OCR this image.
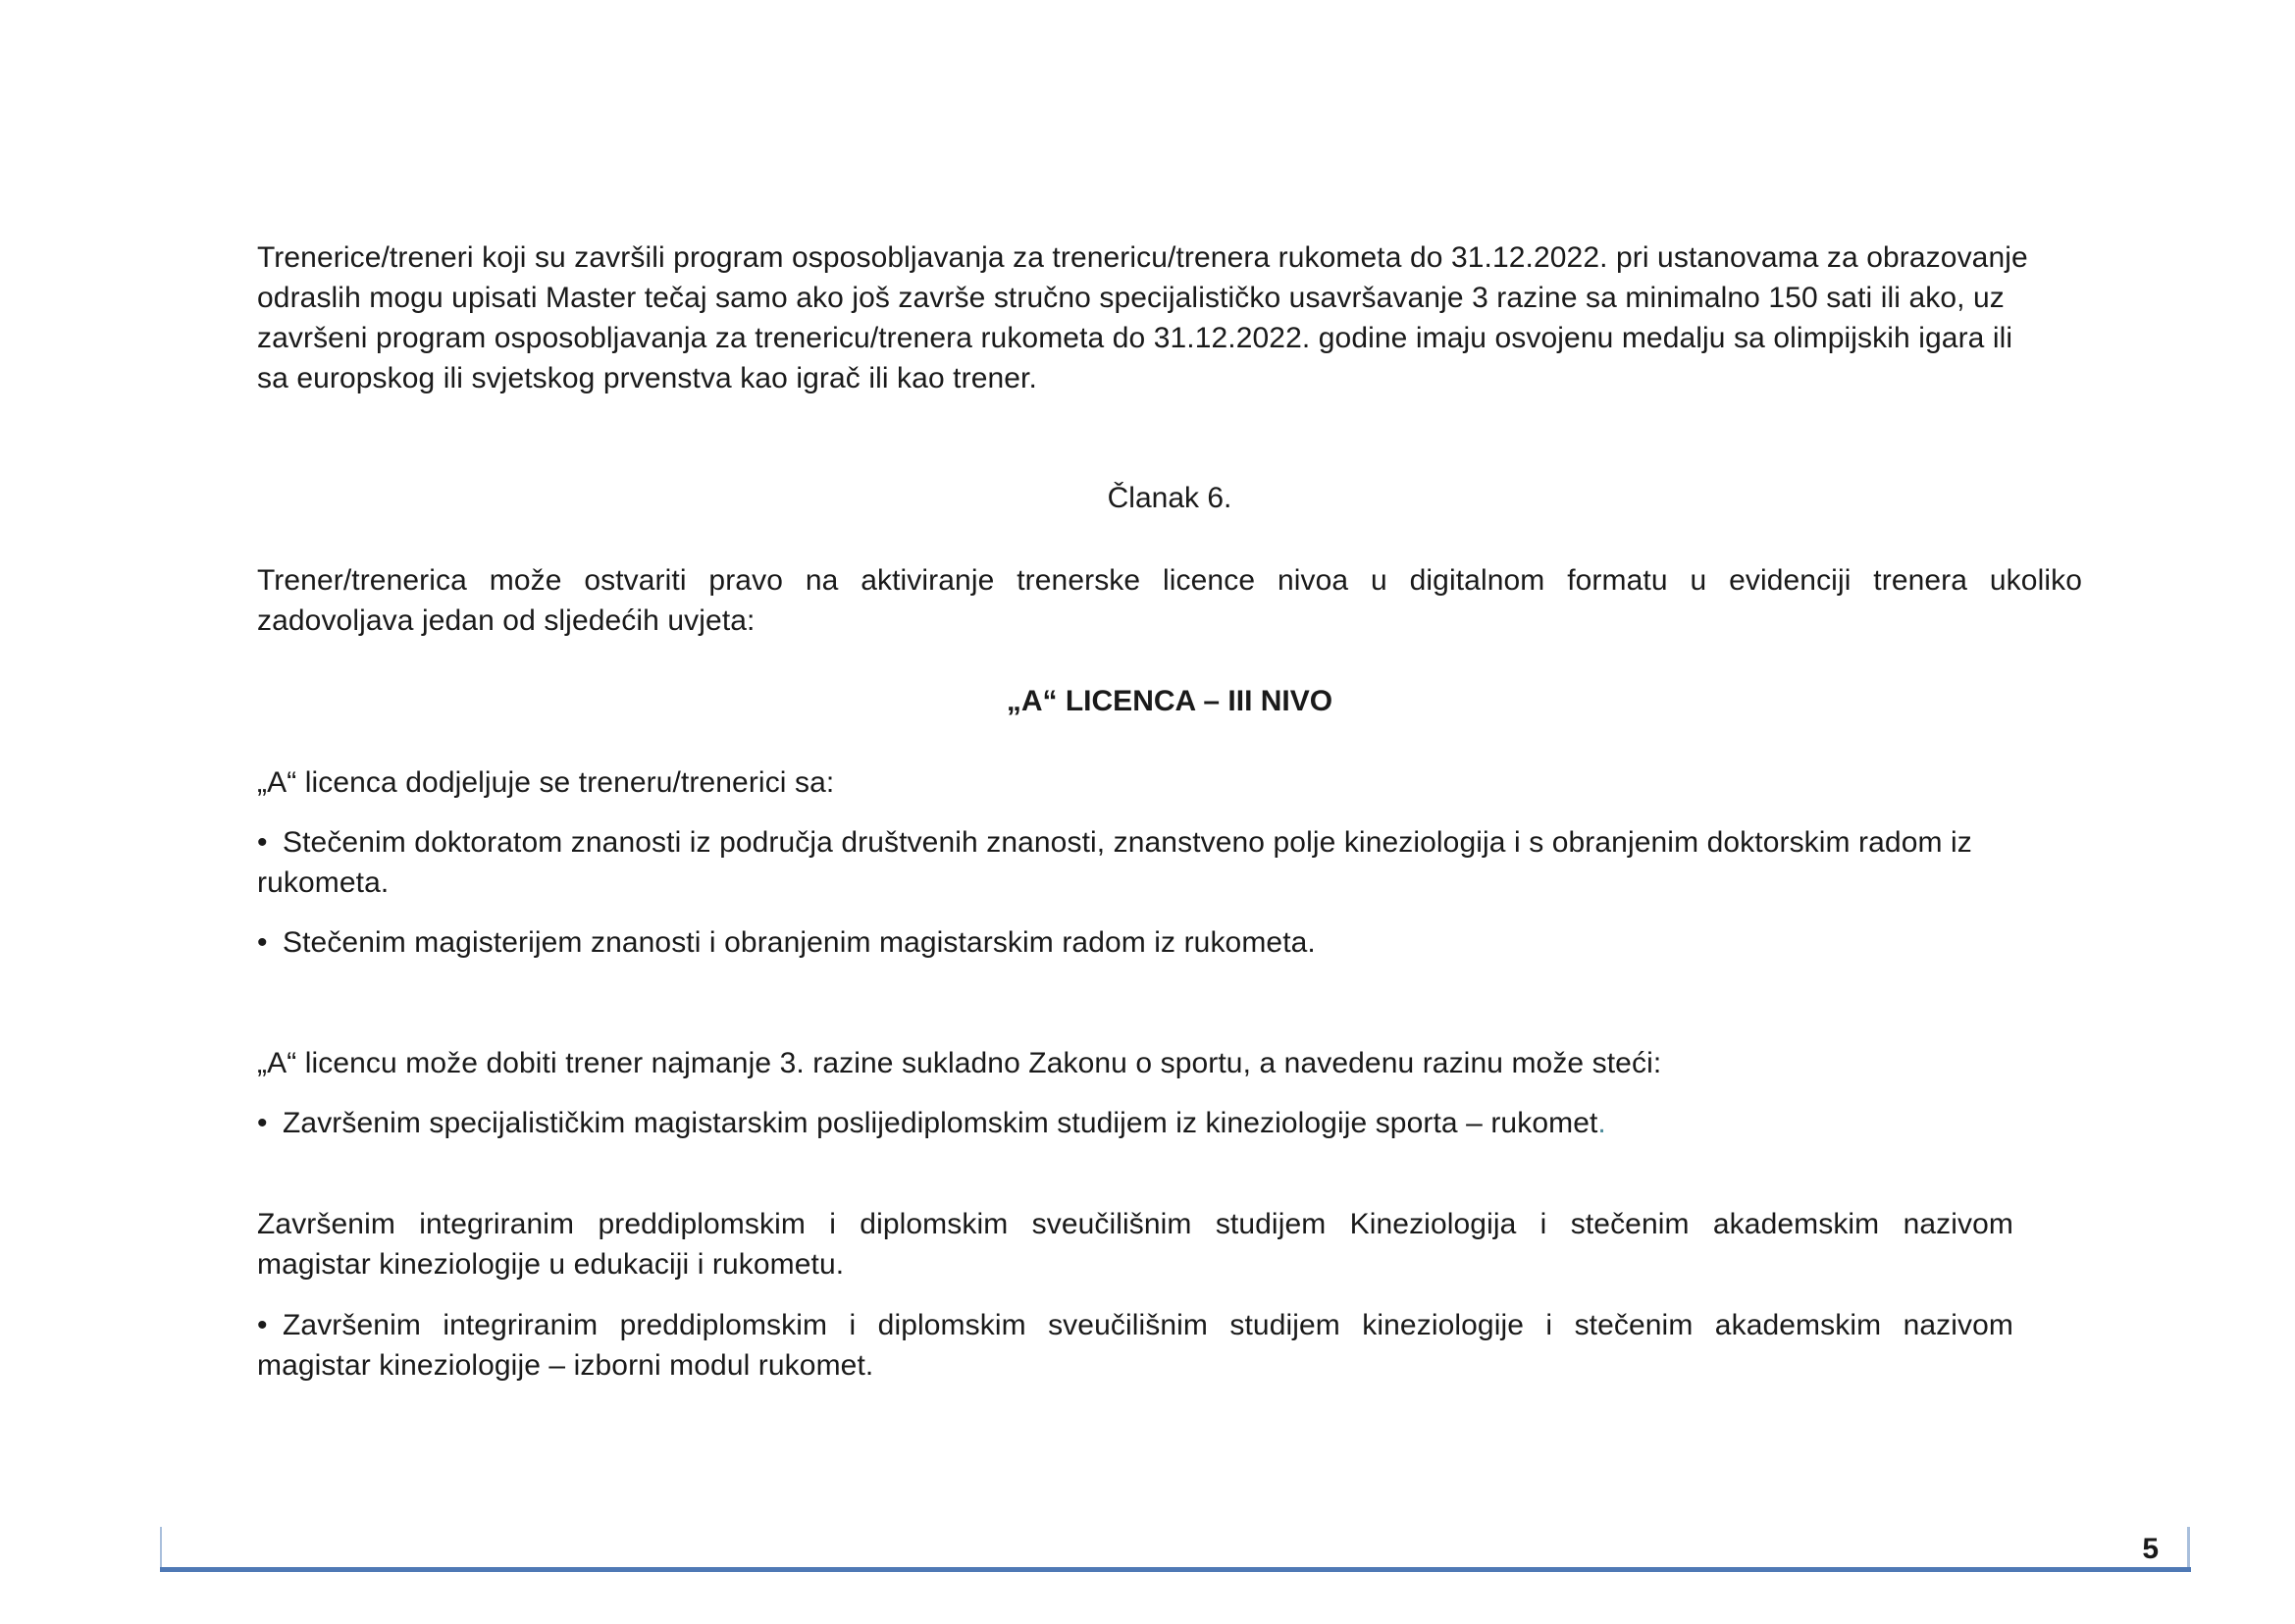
Trenerice/treneri koji su završili program osposobljavanja za trenericu/trenera rukometa do 31.12.2022. pri ustanovama za obrazovanje
odraslih mogu upisati Master tečaj samo ako još završe stručno specijalističko usavršavanje 3 razine sa minimalno 150 sati ili ako, uz
završeni program osposobljavanja za trenericu/trenera rukometa do 31.12.2022. godine imaju osvojenu medalju sa olimpijskih igara ili
sa europskog ili svjetskog prvenstva kao igrač ili kao trener.

Članak 6.

Trener/trenerica može ostvariti pravo na aktiviranje trenerske licence nivoa u digitalnom formatu u evidenciji trenera ukoliko
zadovoljava jedan od sljedećih uvjeta:

„A“ LICENCA – III NIVO

„A“ licenca dodjeljuje se treneru/trenerici sa:

• Stečenim doktoratom znanosti iz područja društvenih znanosti, znanstveno polje kineziologija i s obranjenim doktorskim radom iz
rukometa.
• Stečenim magisterijem znanosti i obranjenim magistarskim radom iz rukometa.

„A“ licencu može dobiti trener najmanje 3. razine sukladno Zakonu o sportu, a navedenu razinu može steći:

• Završenim specijalističkim magistarskim poslijediplomskim studijem iz kineziologije sporta – rukomet.
Završenim integriranim preddiplomskim i diplomskim sveučilišnim studijem Kineziologija i stečenim akademskim nazivom
magistar kineziologije u edukaciji i rukometu.
• Završenim integriranim preddiplomskim i diplomskim sveučilišnim studijem kineziologije i stečenim akademskim nazivom
magistar kineziologije – izborni modul rukomet.
5
